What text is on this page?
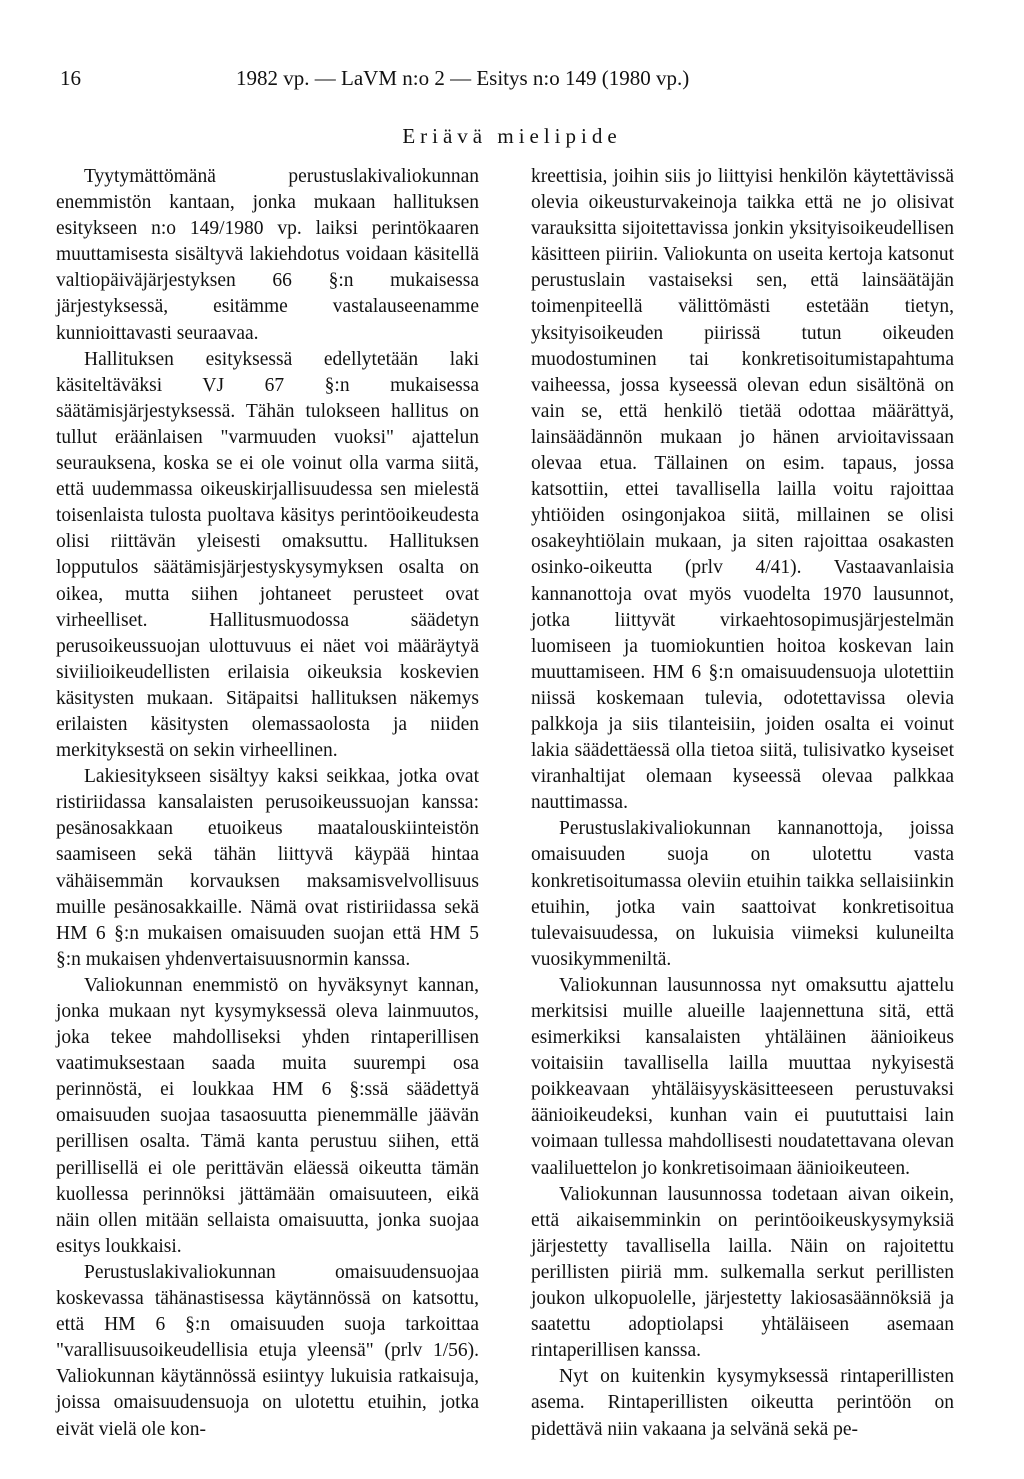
16	1982 vp. — LaVM n:o 2 — Esitys n:o 149 (1980 vp.)
Eriävä mielipide

Tyytymättömänä perustuslakivaliokunnan enemmistön kantaan, jonka mukaan hallituksen esitykseen n:o 149/1980 vp. laiksi perintökaaren muuttamisesta sisältyvä lakiehdotus voidaan käsitellä valtiopäiväjärjestyksen 66 §:n mukaisessa järjestyksessä, esitämme vastalauseenamme kunnioittavasti seuraavaa.

Hallituksen esityksessä edellytetään laki käsiteltäväksi VJ 67 §:n mukaisessa säätämisjärjestyksessä. Tähän tulokseen hallitus on tullut eräänlaisen "varmuuden vuoksi" ajattelun seurauksena, koska se ei ole voinut olla varma siitä, että uudemmassa oikeuskirjallisuudessa sen mielestä toisenlaista tulosta puoltava käsitys perintöoikeudesta olisi riittävän yleisesti omaksuttu. Hallituksen lopputulos säätämisjärjestyskysymyksen osalta on oikea, mutta siihen johtaneet perusteet ovat virheelliset. Hallitusmuodossa säädetyn perusoikeussuojan ulottuvuus ei näet voi määräytyä siviilioikeudellisten erilaisia oikeuksia koskevien käsitysten mukaan. Sitäpaitsi hallituksen näkemys erilaisten käsitysten olemassaolosta ja niiden merkityksestä on sekin virheellinen.

Lakiesitykseen sisältyy kaksi seikkaa, jotka ovat ristiriidassa kansalaisten perusoikeussuojan kanssa: pesänosakkaan etuoikeus maatalouskiinteistön saamiseen sekä tähän liittyvä käypää hintaa vähäisemmän korvauksen maksamisvelvollisuus muille pesänosakkaille. Nämä ovat ristiriidassa sekä HM 6 §:n mukaisen omaisuuden suojan että HM 5 §:n mukaisen yhdenvertaisuusnormin kanssa.

Valiokunnan enemmistö on hyväksynyt kannan, jonka mukaan nyt kysymyksessä oleva lainmuutos, joka tekee mahdolliseksi yhden rintaperillisen vaatimuksestaan saada muita suurempi osa perinnöstä, ei loukkaa HM 6 §:ssä säädettyä omaisuuden suojaa tasaosuutta pienemmälle jäävän perillisen osalta. Tämä kanta perustuu siihen, että perillisellä ei ole perittävän eläessä oikeutta tämän kuollessa perinnöksi jättämään omaisuuteen, eikä näin ollen mitään sellaista omaisuutta, jonka suojaa esitys loukkaisi.

Perustuslakivaliokunnan omaisuudensuojaa koskevassa tähänastisessa käytännössä on katsottu, että HM 6 §:n omaisuuden suoja tarkoittaa "varallisuusoikeudellisia etuja yleensä" (prlv 1/56). Valiokunnan käytännössä esiintyy lukuisia ratkaisuja, joissa omaisuudensuoja on ulotettu etuihin, jotka eivät vielä ole kon-

kreettisia, joihin siis jo liittyisi henkilön käytettävissä olevia oikeusturvakeinoja taikka että ne jo olisivat varauksitta sijoitettavissa jonkin yksityisoikeudellisen käsitteen piiriin. Valiokunta on useita kertoja katsonut perustuslain vastaiseksi sen, että lainsäätäjän toimenpiteellä välittömästi estetään tietyn, yksityisoikeuden piirissä tutun oikeuden muodostuminen tai konkretisoitumistapahtuma vaiheessa, jossa kyseessä olevan edun sisältönä on vain se, että henkilö tietää odottaa määrättyä, lainsäädännön mukaan jo hänen arvioitavissaan olevaa etua. Tällainen on esim. tapaus, jossa katsottiin, ettei tavallisella lailla voitu rajoittaa yhtiöiden osingonjakoa siitä, millainen se olisi osakeyhtiölain mukaan, ja siten rajoittaa osakasten osinko-oikeutta (prlv 4/41). Vastaavanlaisia kannanottoja ovat myös vuodelta 1970 lausunnot, jotka liittyvät virkaehtosopimusjärjestelmän luomiseen ja tuomiokuntien hoitoa koskevan lain muuttamiseen. HM 6 §:n omaisuudensuoja ulotettiin niissä koskemaan tulevia, odotettavissa olevia palkkoja ja siis tilanteisiin, joiden osalta ei voinut lakia säädettäessä olla tietoa siitä, tulisivatko kyseiset viranhaltijat olemaan kyseessä olevaa palkkaa nauttimassa.

Perustuslakivaliokunnan kannanottoja, joissa omaisuuden suoja on ulotettu vasta konkretisoitumassa oleviin etuihin taikka sellaisiinkin etuihin, jotka vain saattoivat konkretisoitua tulevaisuudessa, on lukuisia viimeksi kuluneilta vuosikymmeniltä.

Valiokunnan lausunnossa nyt omaksuttu ajattelu merkitsisi muille alueille laajennettuna sitä, että esimerkiksi kansalaisten yhtäläinen äänioikeus voitaisiin tavallisella lailla muuttaa nykyisestä poikkeavaan yhtäläisyyskäsitteeseen perustuvaksi äänioikeudeksi, kunhan vain ei puututtaisi lain voimaan tullessa mahdollisesti noudatettavana olevan vaaliluettelon jo konkretisoimaan äänioikeuteen.

Valiokunnan lausunnossa todetaan aivan oikein, että aikaisemminkin on perintöoikeuskysymyksiä järjestetty tavallisella lailla. Näin on rajoitettu perillisten piiriä mm. sulkemalla serkut perillisten joukon ulkopuolelle, järjestetty lakiosasäännöksiä ja saatettu adoptiolapsi yhtäläiseen asemaan rintaperillisen kanssa.

Nyt on kuitenkin kysymyksessä rintaperillisten asema. Rintaperillisten oikeutta perintöön on pidettävä niin vakaana ja selvänä sekä pe-
